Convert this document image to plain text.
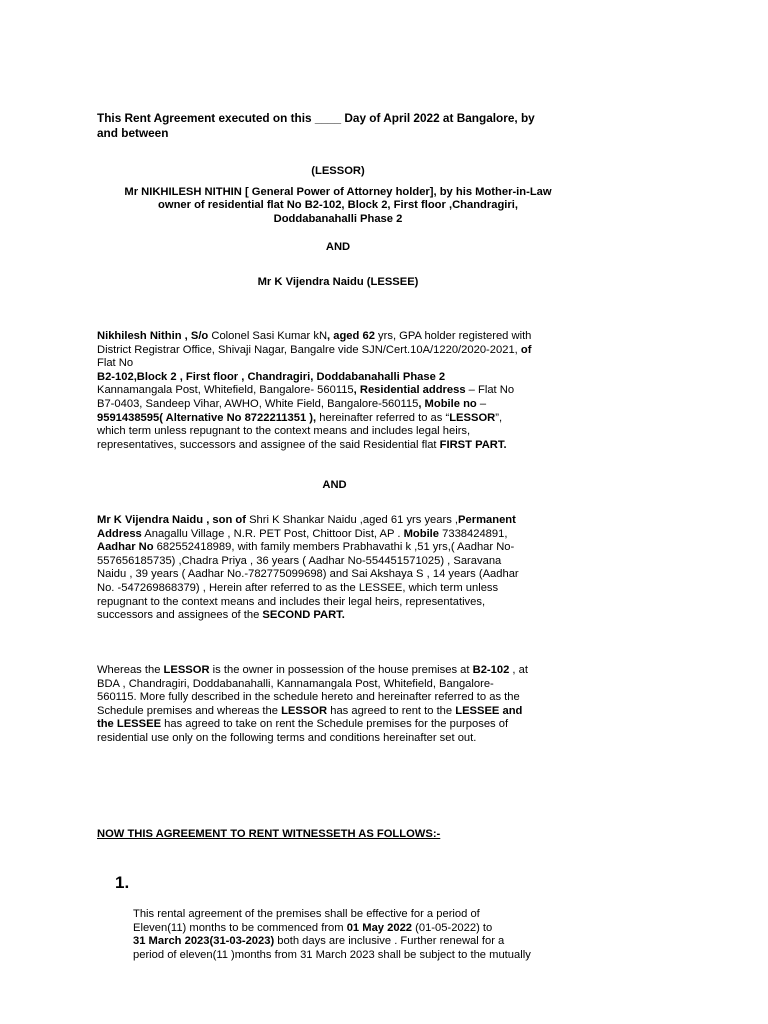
This Rent Agreement executed on this ____ Day of April 2022 at Bangalore, by

and between

(LESSOR)

Mr NIKHILESH NITHIN [ General Power of Attorney holder], by his Mother-in-Law

owner of residential flat No B2-102, Block 2, First floor ,Chandragiri,

Doddabanahalli Phase 2

AND

Mr K Vijendra Naidu (LESSEE)

Nikhilesh Nithin , S/o Colonel Sasi Kumar kN, aged 62 yrs, GPA holder registered with

District Registrar Office, Shivaji Nagar, Bangalre vide SJN/Cert.10A/1220/2020-2021, of

Flat No

B2-102,Block 2 , First floor , Chandragiri, Doddabanahalli Phase 2

Kannamangala Post, Whitefield, Bangalore- 560115, Residential address – Flat No

B7-0403, Sandeep Vihar, AWHO, White Field, Bangalore-560115, Mobile no –

9591438595( Alternative No 8722211351 ), hereinafter referred to as “LESSOR”,

which term unless repugnant to the context means and includes legal heirs,

representatives, successors and assignee of the said Residential flat FIRST PART.

AND

Mr K Vijendra Naidu , son of Shri K Shankar Naidu ,aged 61 yrs years ,Permanent

Address Anagallu Village , N.R. PET Post, Chittoor Dist, AP . Mobile 7338424891,

Aadhar No 682552418989, with family members Prabhavathi k ,51 yrs,( Aadhar No-

557656185735) ,Chadra Priya , 36 years ( Aadhar No-554451571025) , Saravana

Naidu , 39 years ( Aadhar No.-782775099698) and Sai Akshaya S , 14 years (Aadhar

No. -547269868379) , Herein after referred to as the LESSEE, which term unless

repugnant to the context means and includes their legal heirs, representatives,

successors and assignees of the SECOND PART.

Whereas the LESSOR is the owner in possession of the house premises at B2-102 , at

BDA , Chandragiri, Doddabanahalli, Kannamangala Post, Whitefield, Bangalore-

560115. More fully described in the schedule hereto and hereinafter referred to as the

Schedule premises and whereas the LESSOR has agreed to rent to the LESSEE and

the LESSEE has agreed to take on rent the Schedule premises for the purposes of

residential use only on the following terms and conditions hereinafter set out.

NOW THIS AGREEMENT TO RENT WITNESSETH AS FOLLOWS:-

1.

This rental agreement of the premises shall be effective for a period of

Eleven(11) months to be commenced from 01 May 2022 (01-05-2022) to

31 March 2023(31-03-2023) both days are inclusive . Further renewal for a

period of eleven(11 )months from 31 March 2023 shall be subject to the mutually
